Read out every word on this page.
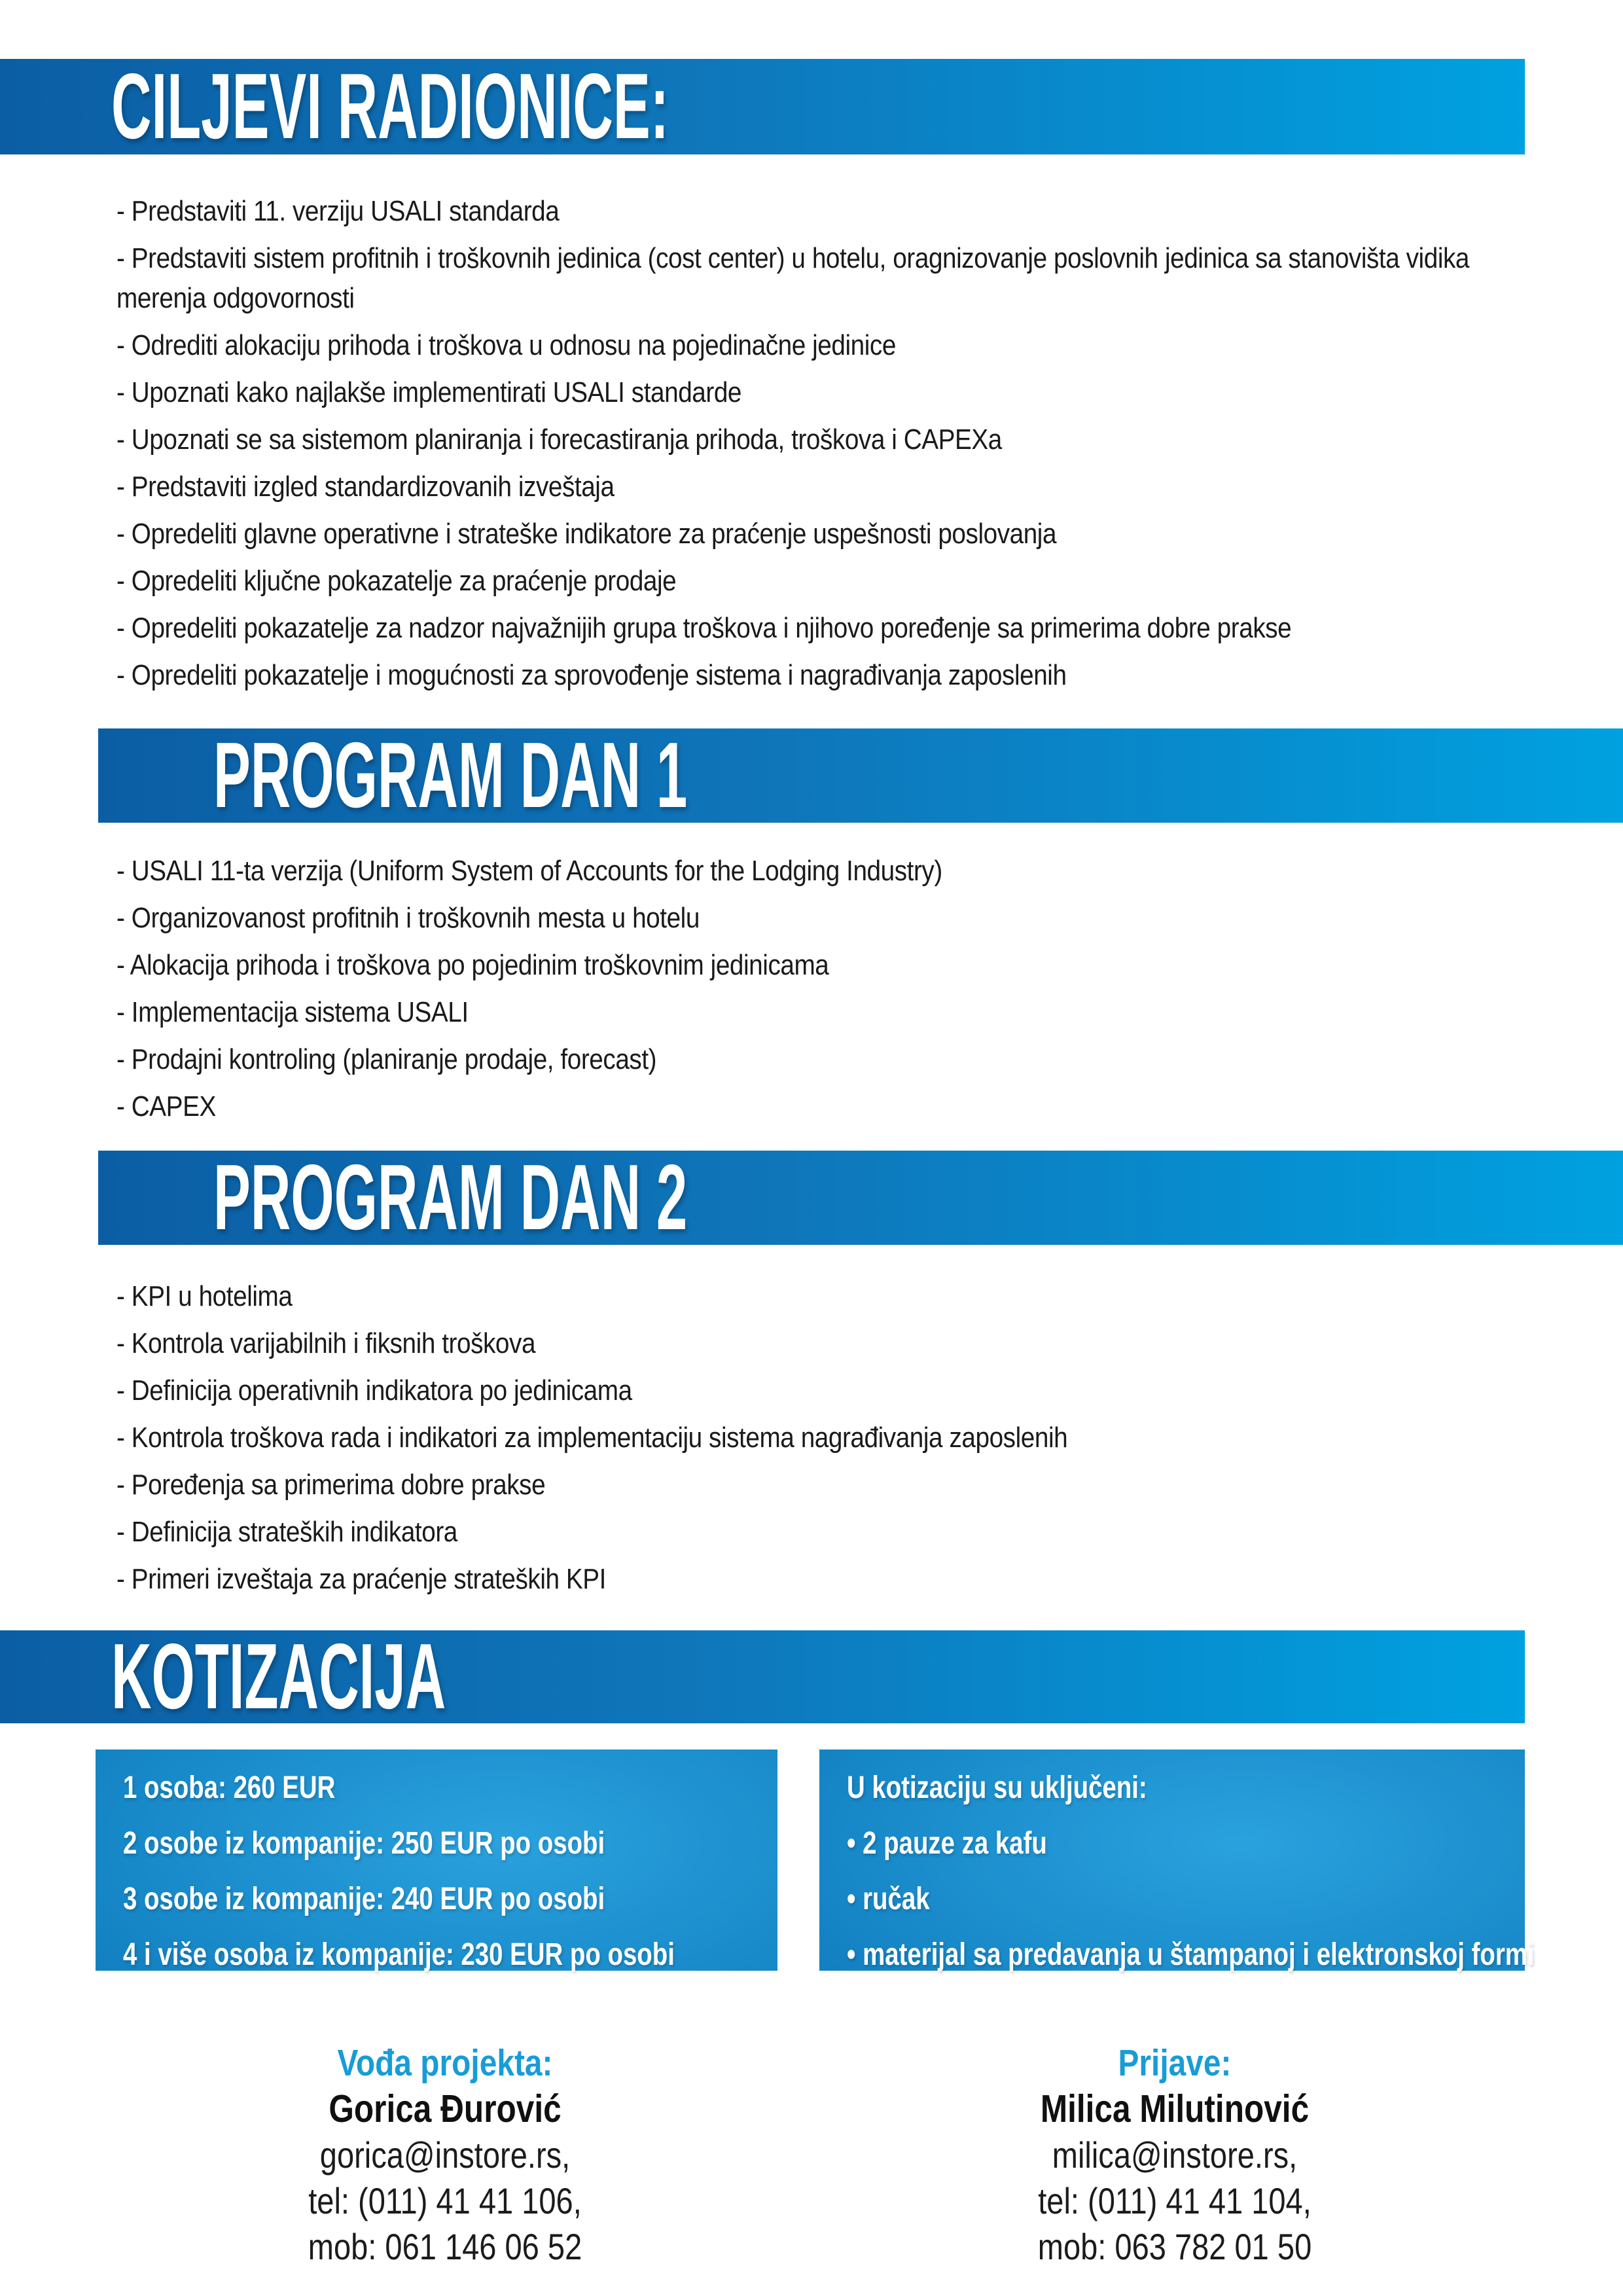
CILJEVI RADIONICE:
- Predstaviti 11. verziju USALI standarda
- Predstaviti sistem profitnih i troškovnih jedinica (cost center) u hotelu, oragnizovanje poslovnih jedinica sa stanovišta vidika merenja odgovornosti
- Odrediti alokaciju prihoda i troškova u odnosu na pojedinačne jedinice
- Upoznati kako najlakše implementirati USALI standarde
- Upoznati se sa sistemom planiranja i forecastiranja prihoda, troškova i CAPEXa
- Predstaviti izgled standardizovanih izveštaja
- Opredeliti glavne operativne i strateške indikatore za praćenje uspešnosti poslovanja
- Opredeliti ključne pokazatelje za praćenje prodaje
- Opredeliti pokazatelje za nadzor najvažnijih grupa troškova i njihovo poređenje sa primerima dobre prakse
- Opredeliti pokazatelje i mogućnosti za sprovođenje sistema i nagrađivanja zaposlenih
PROGRAM DAN 1
- USALI 11-ta verzija (Uniform System of Accounts for the Lodging Industry)
- Organizovanost profitnih i troškovnih mesta u hotelu
- Alokacija prihoda i troškova po pojedinim troškovnim jedinicama
- Implementacija sistema USALI
- Prodajni kontroling (planiranje prodaje, forecast)
- CAPEX
PROGRAM DAN 2
- KPI u hotelima
- Kontrola varijabilnih i fiksnih troškova
- Definicija operativnih indikatora po jedinicama
- Kontrola troškova rada i indikatori za implementaciju sistema nagrađivanja zaposlenih
- Poređenja sa primerima dobre prakse
- Definicija strateških indikatora
- Primeri izveštaja za praćenje strateških KPI
KOTIZACIJA

1 osoba: 260 EUR

2 osobe iz kompanije: 250 EUR po osobi

3 osobe iz kompanije: 240 EUR po osobi

4 i više osoba iz kompanije: 230 EUR po osobi

U kotizaciju su uključeni:

• 2 pauze za kafu

• ručak

• materijal sa predavanja u štampanoj i elektronskoj formi

Vođa projekta:
Gorica Đurović
gorica@instore.rs,
tel: (011) 41 41 106,
mob: 061 146 06 52
Prijave:
Milica Milutinović
milica@instore.rs,
tel: (011) 41 41 104,
mob: 063 782 01 50
